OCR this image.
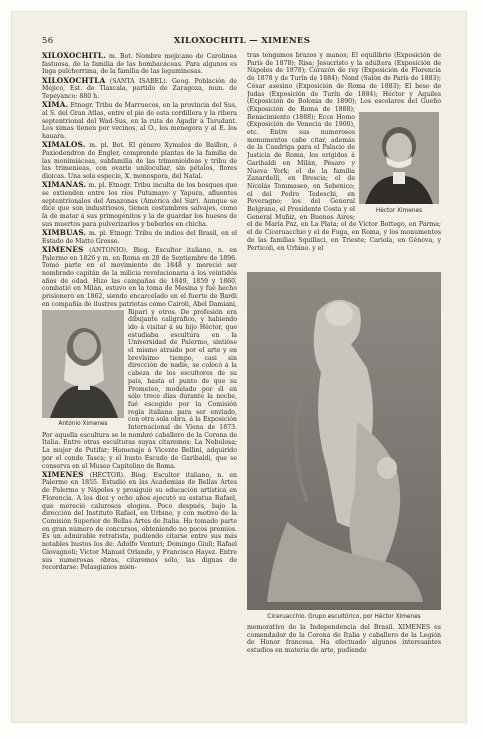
56	XILOXOCHITL — XIMENES

XILOXOCHITL. m. Bot. Nombre mejicano de Carolinea fastuosa, de la familia de las bombacáceas. Para algunos es Inga pulcherrima, de la familia de las leguminosas.

XILOXOCHTLA (SANTA ISABEL). Geog. Población de Méjico, Est. de Tlaxcala, partido de Zaragoza, mun. de Tepeyanco: 880 h.

XIMA. Etnogr. Tribu de Marruecos, en la provincia del Sus, al S. del Gran Atlas, entre el pie de esta cordillera y la ribera septentrional del Wad-Sus, en la ruta de Agadir á Tarudant. Los ximas tienen por vecinos, al O., los menegora y al E. los hauara.

XIMALOS. m. pl. Bot. El género Xymalos de Baillon, ó Paxiodendron de Engler, comprende plantas de la familia de las monimiáceas, subfamilia de las trimenioideas y tribu de las trimenieas, con ovario uniloculiar, sin pétalos, flores dioicas. Una sola especie, X. monospora, del Natal.

XIMANAS. m. pl. Etnogr. Tribu inculta de los bosques que se extienden entre los ríos Putumayo y Yapura, afluentes septentrionales del Amazonas (América del Sur). Aunque se dice que son industriosos, tienen costumbres salvajes, como la de matar á sus primogénitos y la de guardar los huesos de sus muertos para pulverizarlos y beberlos en chicha.

XIMBUAS. m. pl. Etnogr. Tribu de indios del Brasil, en el Estado de Matto Grosso.

XIMENES (ANTONIO). Biog. Escultor italiano, n. en Palermo en 1826 y m. en Roma en 28 de Septiembre de 1896. Tomó parte en el movimiento de 1848 y mereció ser nombrado capitán de la milicia revolucionaria á los veintidós años de edad. Hizo las campañas de 1849, 1859 y 1860, combatió en Milán, estuvo en la toma de Mesina y fué hecho prisionero en 1862, siendo encarcelado en el fuerte de Bardi en compañía de ilustres patriotas como Cairoli, Abel Damiani, Ripari y otros. De profesión era dibujante caligráfico, y habiendo ido á visitar á su hijo Héctor, que estudiaba escultura en la Universidad de Palermo, sintióse el mismo atraído por el arte y en brevísimo tiempo, casi sin dirección de nadie, se colocó á la cabeza de los escultores de su país, hasta el punto de que su Prometeo, modelado por él en sólo trece días durante la noche, fué escogido por la Comisión regia italiana para ser enviado, con otra sola obra, á la Exposición Internacional de Viena de 1873. Por aquella escultura se le nombró caballero de la Corona de Italia. Entre otras esculturas suyas citaremos: La Nebulosa; La mujer de Putifar; Homenaje á Vicente Bellini, adquirido por el conde Tasca; y el busto Escudo de Garibaldi, que se conserva en el Museo Capitolino de Roma.

XIMENES (HÉCTOR). Biog. Escultor italiano, n. en Palermo en 1855. Estudió en las Academias de Bellas Artes de Palermo y Nápoles y prosiguió su educación artística en Florencia. A los diez y ocho años ejecutó su estatua Rafael, que mereció calurosos elogios. Poco después, bajo la dirección del Instituto Rafael, en Urbino, y con motivo de la Comisión Superior de Bellas Artes de Italia. Ha tomado parte en gran número de concursos, obteniendo no pocos premios. Es un admirable retratista, pudiendo citarse entre sus más notables bustos los de: Adolfo Venturi; Domingo Giuli; Rafael Giovagnoli; Víctor Manuel Orlando, y Francisco Hayez. Entre sus numerosas obras, citaremos sólo, las dignas de recordarse: Pelasgianos mien-

Antonio Ximenes

tras tengamos brazos y manos; El equilibrio (Exposición de París de 1878); Risa; Jesucristo y la adúltera (Exposición de Nápoles de 1878); Corazón de rey (Exposición de Florencia de 1878 y de Turín de 1884); Nond (Salón de París de 1883); César asesino (Exposición de Roma de 1883); El beso de Judas (Exposición de Turín de 1884); Héctor y Aquiles (Exposición de Bolonia de 1890); Los escolares del Gueño (Exposición de Roma de 1888); Renacimiento (1888); Ecce Homo (Exposición de Venecia de 1900), etc. Entre sus numerosos monumentos cabe citar, además de la Cuadriga para el Palacio de Justicia de Roma, los erigidos á Garibaldi en Milán, Pésaro y Nueva York; el de la familia Zanardelli, en Brescia; el de Nicolás Tommaseo, en Sebenico; el del Pedro Tedeschi, en Peveragno; los del General Belgrano, el Presidente Costa y el General Muñiz, en Buenos Aires; el de María Paz, en La Plata; el de Víctor Bottego, en Parma; el de Ciceruacchio y el de Fuga, en Roma, y los monumentos de las familias Squillaci, en Trieste; Cariola, en Génova, y Perticoli, en Urbino. y el

Héctor Ximenes
Ciceruacchio. Grupo escultórico, por Héctor Ximenes

memorativo de la Independencia del Brasil. XIMENES es comendador de la Corona de Italia y caballero de la Legión de Honor francesa. Ha efectuado algunos interesantes estudios en materia de arte, pudiendo
